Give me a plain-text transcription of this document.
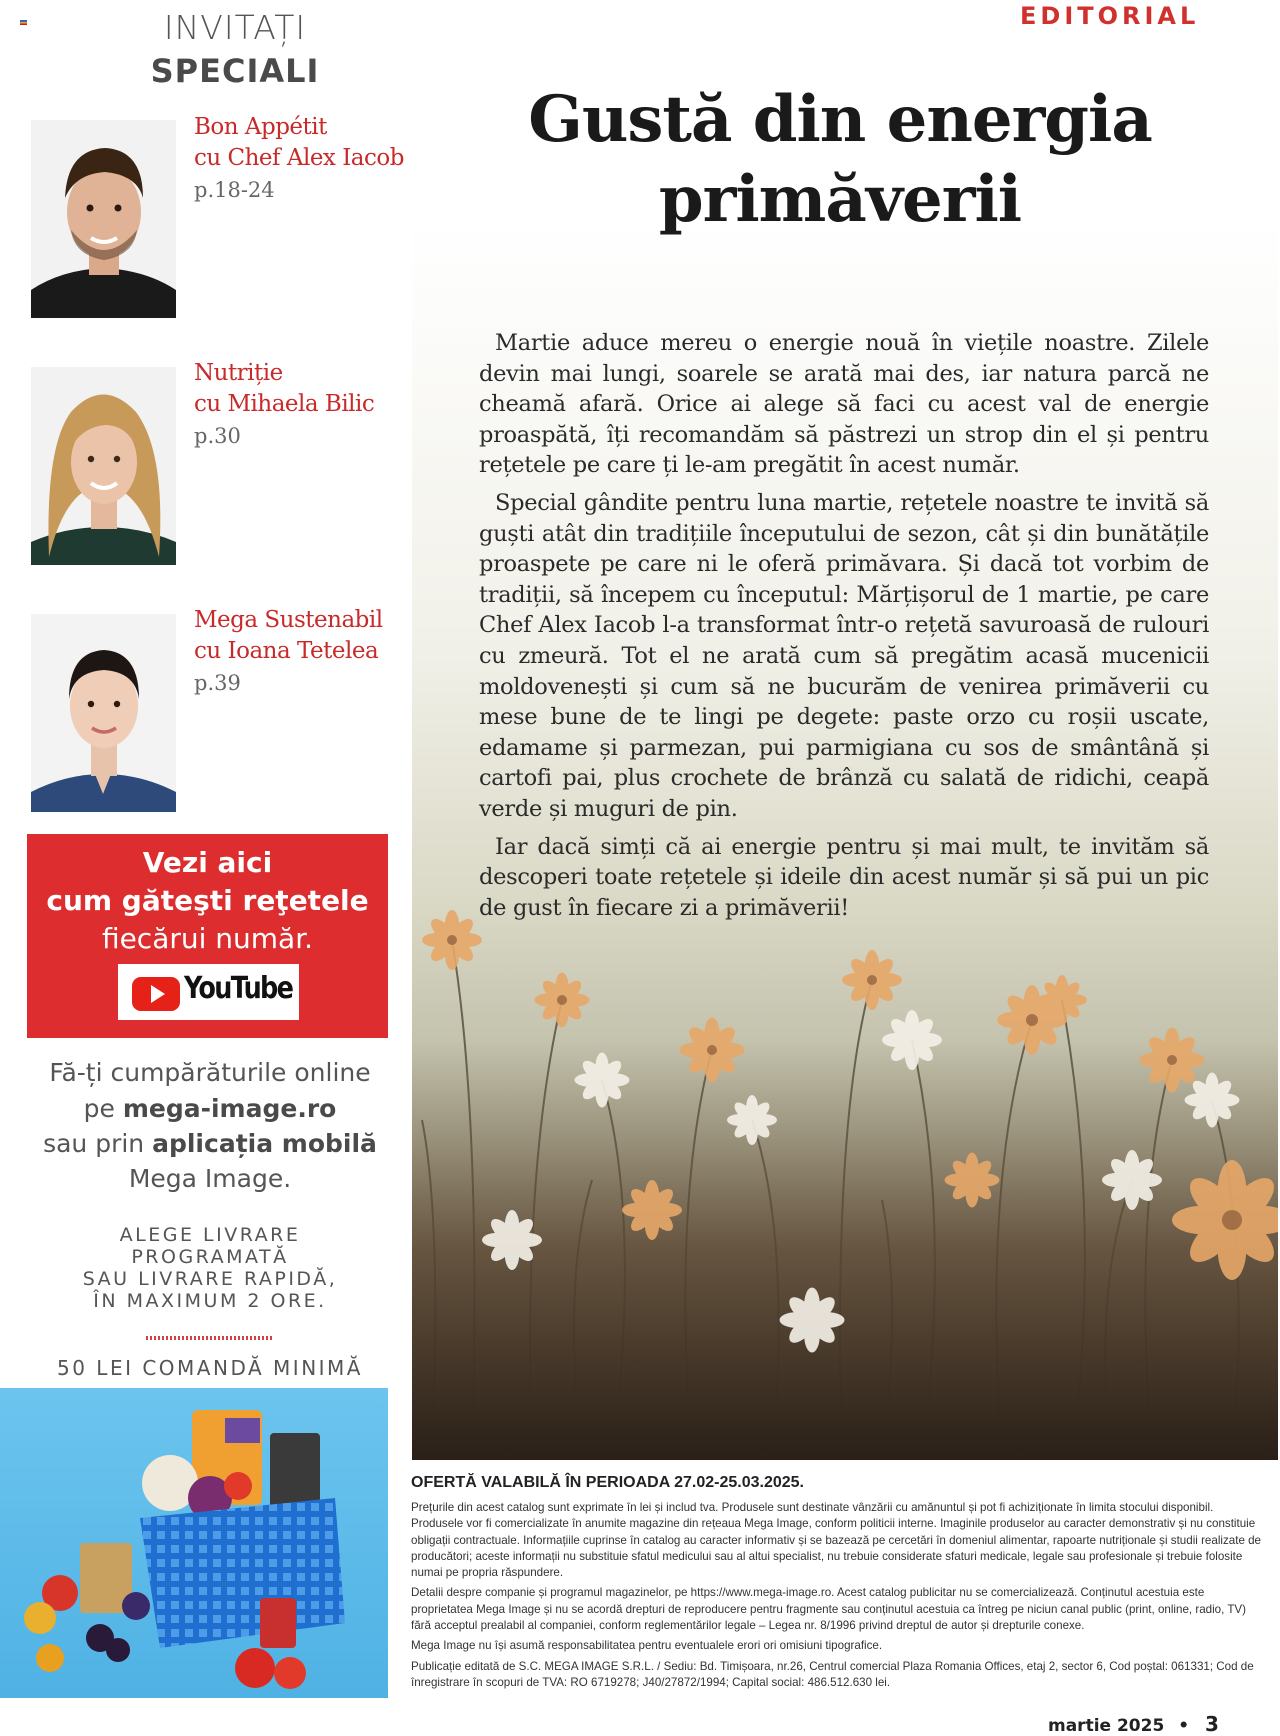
INVITAȚI
SPECIALI
Bon Appétit
cu Chef Alex Iacob
p.18-24
Nutriție
cu Mihaela Bilic
p.30
Mega Sustenabil
cu Ioana Tetelea
p.39
Vezi aici
cum găteşti reţetele
fiecărui număr.
YouTube
Fă-ți cumpărăturile online
pe mega-image.ro
sau prin aplicația mobilă
Mega Image.
ALEGE LIVRARE
PROGRAMATĂ
SAU LIVRARE RAPIDĂ,
ÎN MAXIMUM 2 ORE.
50 LEI COMANDĂ MINIMĂ
EDITORIAL
Gustă din energia
primăverii

Martie aduce mereu o energie nouă în viețile noastre. Zilele devin mai lungi, soarele se arată mai des, iar natura parcă ne cheamă afară. Orice ai alege să faci cu acest val de energie proaspătă, îți recomandăm să păstrezi un strop din el și pentru rețetele pe care ți le-am pregătit în acest număr.

Special gândite pentru luna martie, rețetele noastre te invită să guști atât din tradițiile începutului de sezon, cât și din bunătățile proaspete pe care ni le oferă primăvara. Și dacă tot vorbim de tradiții, să începem cu începutul: Mărțișorul de 1 martie, pe care Chef Alex Iacob l-a transformat într-o rețetă savuroasă de rulouri cu zmeură. Tot el ne arată cum să pregătim acasă mucenicii moldovenești și cum să ne bucurăm de venirea primăverii cu mese bune de te lingi pe degete: paste orzo cu roșii uscate, edamame și parmezan, pui parmigiana cu sos de smântână și cartofi pai, plus crochete de brânză cu salată de ridichi, ceapă verde și muguri de pin.

Iar dacă simți că ai energie pentru și mai mult, te invităm să descoperi toate rețetele și ideile din acest număr și să pui un pic de gust în fiecare zi a primăverii!

OFERTĂ VALABILĂ ÎN PERIOADA 27.02-25.03.2025.

Prețurile din acest catalog sunt exprimate în lei și includ tva. Produsele sunt destinate vânzării cu amănuntul și pot fi achiziționate în limita stocului disponibil. Produsele vor fi comercializate în anumite magazine din rețeaua Mega Image, conform politicii interne. Imaginile produselor au caracter demonstrativ și nu constituie obligații contractuale. Informațiile cuprinse în catalog au caracter informativ și se bazează pe cercetări în domeniul alimentar, rapoarte nutriționale și studii realizate de producători; aceste informații nu substituie sfatul medicului sau al altui specialist, nu trebuie considerate sfaturi medicale, legale sau profesionale și trebuie folosite numai pe propria răspundere.

Detalii despre companie și programul magazinelor, pe https://www.mega-image.ro. Acest catalog publicitar nu se comercializează. Conținutul acestuia este proprietatea Mega Image și nu se acordă drepturi de reproducere pentru fragmente sau conținutul acestuia ca întreg pe niciun canal public (print, online, radio, TV) fără acceptul prealabil al companiei, conform reglementărilor legale – Legea nr. 8/1996 privind dreptul de autor și drepturile conexe.

Mega Image nu își asumă responsabilitatea pentru eventualele erori ori omisiuni tipografice.

Publicație editată de S.C. MEGA IMAGE S.R.L. / Sediu: Bd. Timișoara, nr.26, Centrul comercial Plaza Romania Offices, etaj 2, sector 6, Cod poștal: 061331; Cod de înregistrare în scopuri de TVA: RO 6719278; J40/27872/1994; Capital social: 486.512.630 lei.

martie 2025 • 3
